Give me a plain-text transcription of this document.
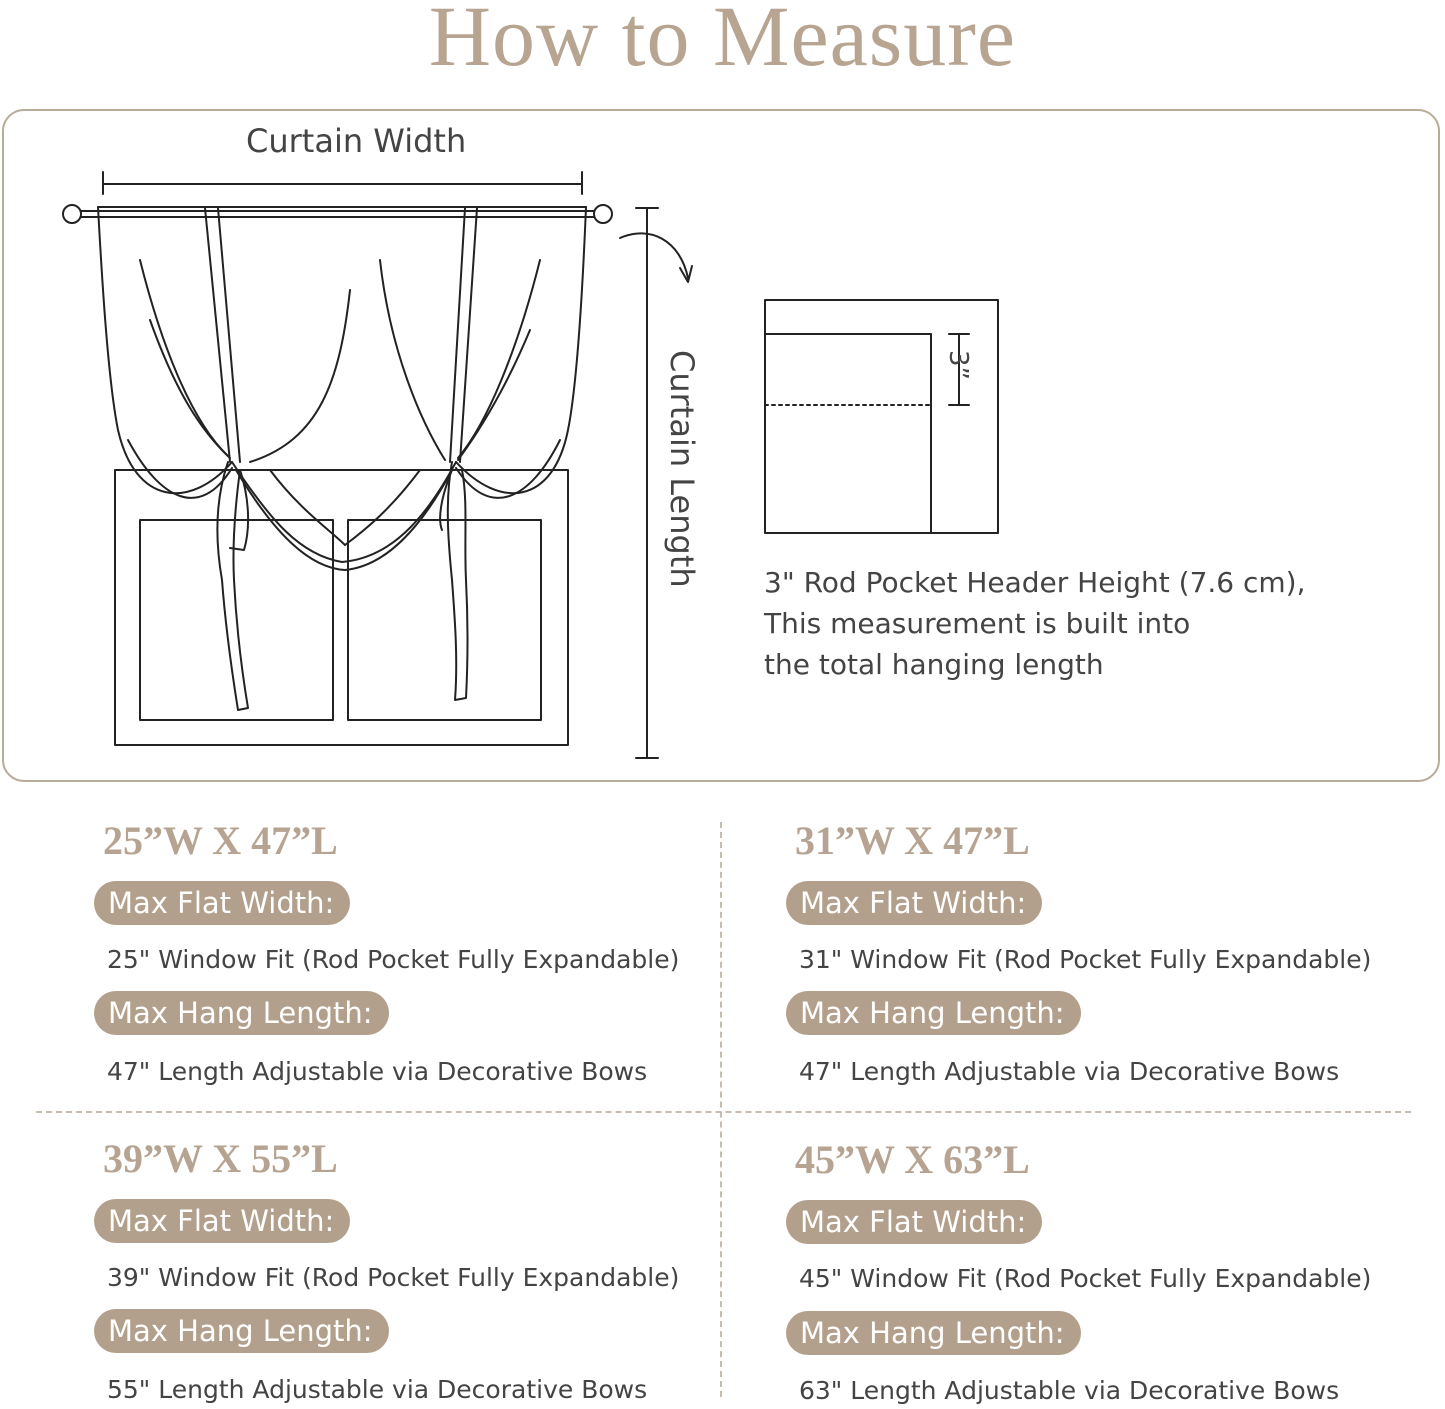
How to Measure
Curtain Width
Curtain Length	3”
3" Rod Pocket Header Height (7.6 cm),
This measurement is built into
the total hanging length
25”W X 47”L
Max Flat Width:
25" Window Fit (Rod Pocket Fully Expandable)
Max Hang Length:
47" Length Adjustable via Decorative Bows
31”W X 47”L
Max Flat Width:
31" Window Fit (Rod Pocket Fully Expandable)
Max Hang Length:
47" Length Adjustable via Decorative Bows
39”W X 55”L
Max Flat Width:
39" Window Fit (Rod Pocket Fully Expandable)
Max Hang Length:
55" Length Adjustable via Decorative Bows
45”W X 63”L
Max Flat Width:
45" Window Fit (Rod Pocket Fully Expandable)
Max Hang Length:
63" Length Adjustable via Decorative Bows
